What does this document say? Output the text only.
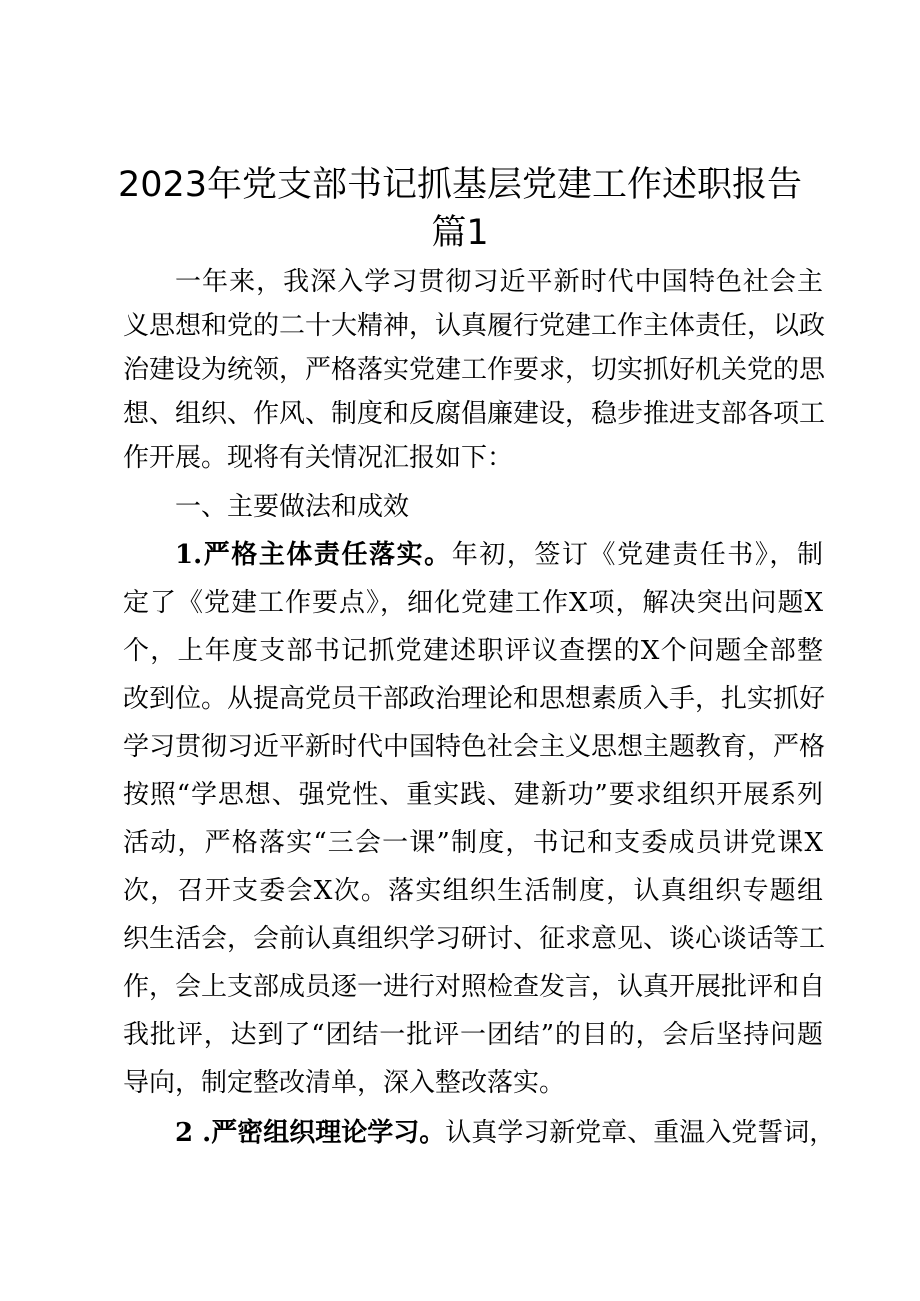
2023年党支部书记抓基层党建工作述职报告
篇1
一年来，我深入学习贯彻习近平新时代中国特色社会主
义思想和党的二十大精神，认真履行党建工作主体责任，以政
治建设为统领，严格落实党建工作要求，切实抓好机关党的思
想、组织、作风、制度和反腐倡廉建设，稳步推进支部各项工
作开展。现将有关情况汇报如下：
一、主要做法和成效
1.严格主体责任落实。年初，签订《党建责任书》，制
定了《党建工作要点》，细化党建工作X项，解决突出问题X
个，上年度支部书记抓党建述职评议查摆的X个问题全部整
改到位。从提高党员干部政治理论和思想素质入手，扎实抓好
学习贯彻习近平新时代中国特色社会主义思想主题教育，严格
按照“学思想、强党性、重实践、建新功”要求组织开展系列
活动，严格落实“三会一课”制度，书记和支委成员讲党课X
次，召开支委会X次。落实组织生活制度，认真组织专题组
织生活会，会前认真组织学习研讨、征求意见、谈心谈话等工
作，会上支部成员逐一进行对照检查发言，认真开展批评和自
我批评，达到了“团结一批评一团结”的目的，会后坚持问题
导向，制定整改清单，深入整改落实。
2 .严密组织理论学习。认真学习新党章、重温入党誓词，
